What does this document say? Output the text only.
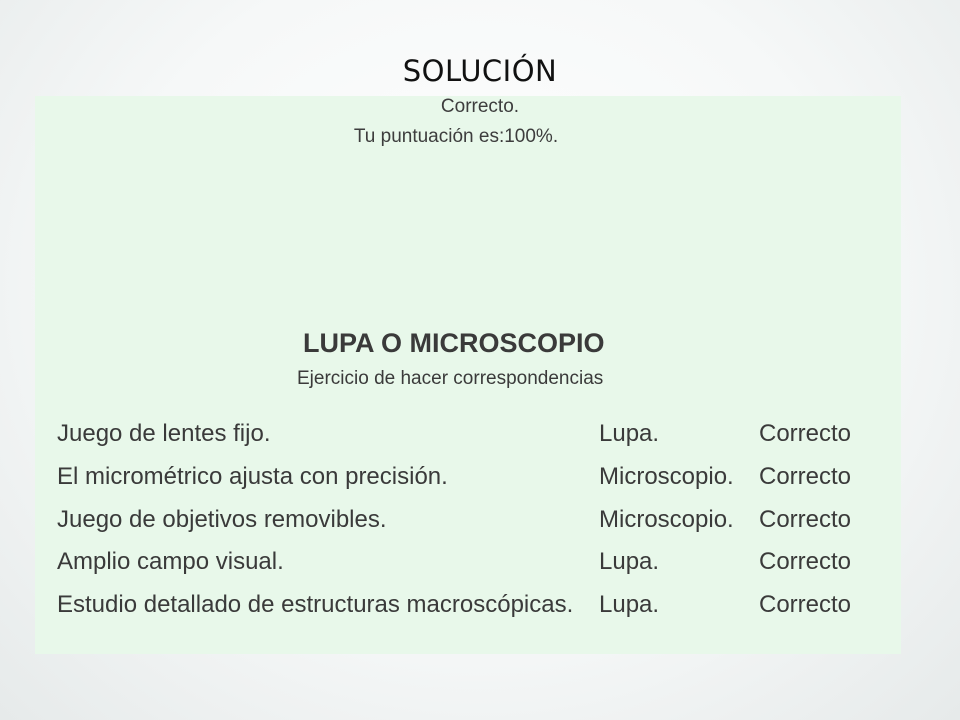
SOLUCIÓN
Correcto.
Tu puntuación es:100%.
LUPA O MICROSCOPIO
Ejercicio de hacer correspondencias
Juego de lentes fijo.	Lupa.	Correcto
El micrométrico ajusta con precisión.	Microscopio. Correcto
Juego de objetivos removibles.	Microscopio. Correcto
Amplio campo visual.	Lupa.	Correcto
Estudio detallado de estructuras macroscópicas. Lupa.	Correcto
